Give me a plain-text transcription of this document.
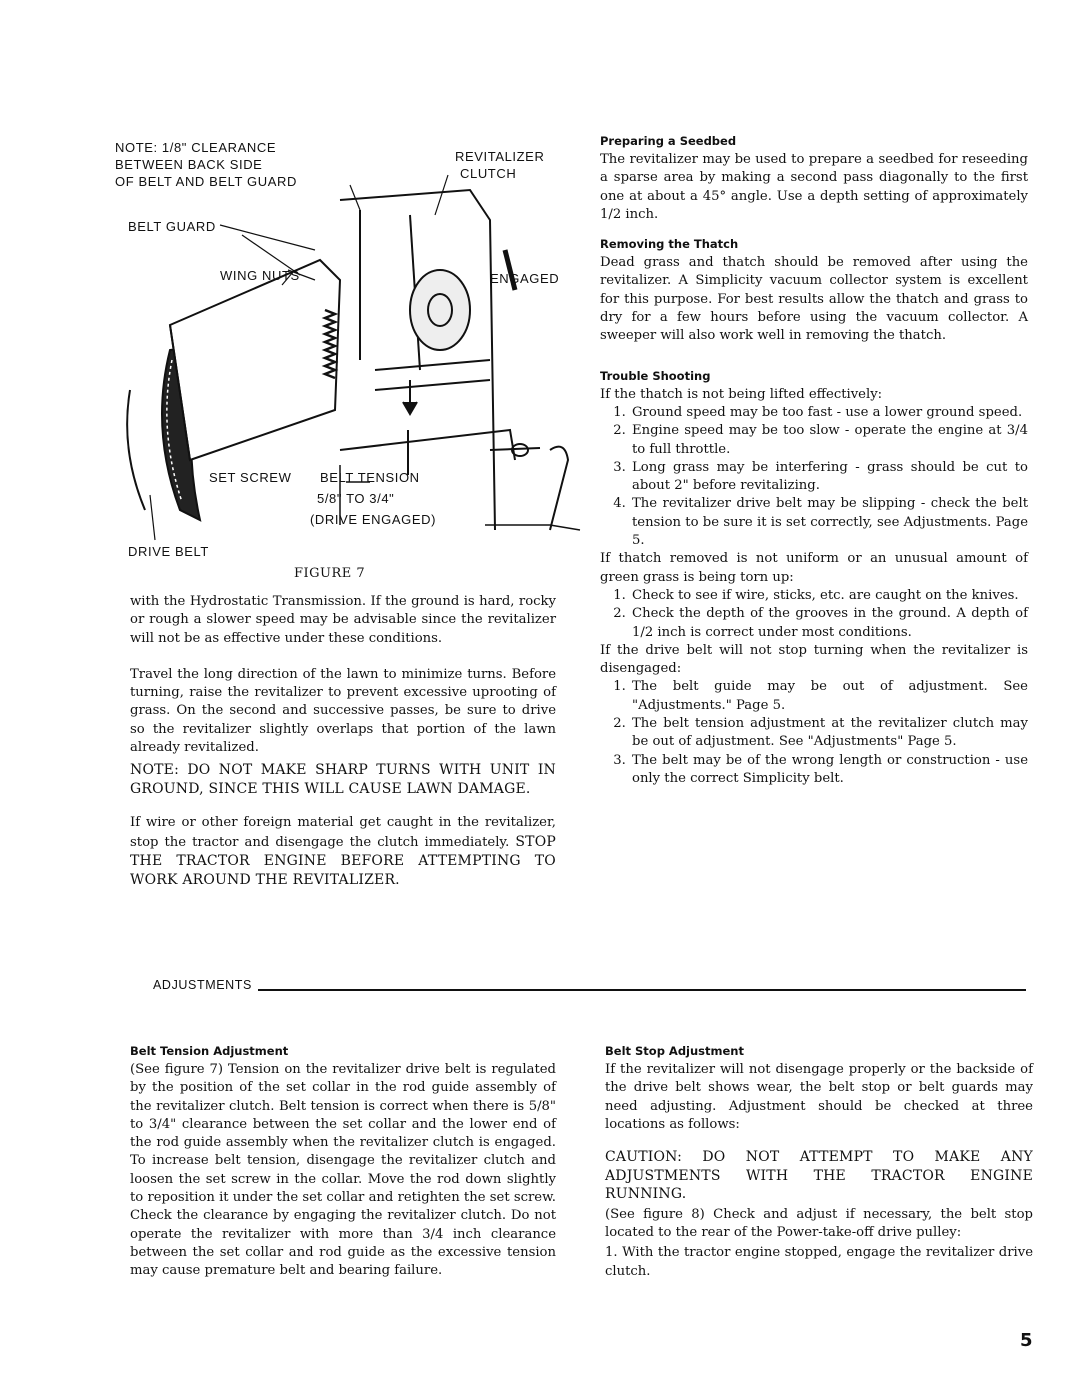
NOTE: 1/8" CLEARANCE
BETWEEN BACK SIDE
OF BELT AND BELT GUARD
REVITALIZER
CLUTCH
BELT GUARD
WING NUTS	ENGAGED
SET SCREW BELT TENSION
5/8" TO 3/4"
(DRIVE ENGAGED)
DRIVE BELT
FIGURE 7

with the Hydrostatic Transmission. If the ground is hard, rocky or rough a slower speed may be advisable since the revitalizer will not be as effective under these conditions.

Travel the long direction of the lawn to minimize turns. Before turning, raise the revitalizer to prevent excessive uprooting of grass. On the second and successive passes, be sure to drive so the revitalizer slightly overlaps that portion of the lawn already revitalized.

NOTE: DO NOT MAKE SHARP TURNS WITH UNIT IN GROUND, SINCE THIS WILL CAUSE LAWN DAMAGE.

If wire or other foreign material get caught in the revitalizer, stop the tractor and disengage the clutch immediately. STOP THE TRACTOR ENGINE BEFORE ATTEMPTING TO WORK AROUND THE REVITALIZER.

Preparing a Seedbed

The revitalizer may be used to prepare a seedbed for reseeding a sparse area by making a second pass diagonally to the first one at about a 45° angle. Use a depth setting of approximately 1/2 inch.

Removing the Thatch

Dead grass and thatch should be removed after using the revitalizer. A Simplicity vacuum collector system is excellent for this purpose. For best results allow the thatch and grass to dry for a few hours before using the vacuum collector. A sweeper will also work well in removing the thatch.

Trouble Shooting

If the thatch is not being lifted effectively:

1. Ground speed may be too fast - use a lower ground speed.
2. Engine speed may be too slow - operate the engine at 3/4 to full throttle.
3. Long grass may be interfering - grass should be cut to about 2" before revitalizing.
4. The revitalizer drive belt may be slipping - check the belt tension to be sure it is set correctly, see Adjustments. Page 5.

If thatch removed is not uniform or an unusual amount of green grass is being torn up:

1. Check to see if wire, sticks, etc. are caught on the knives.
2. Check the depth of the grooves in the ground. A depth of 1/2 inch is correct under most conditions.

If the drive belt will not stop turning when the revitalizer is disengaged:

1. The belt guide may be out of adjustment. See "Adjustments." Page 5.
2. The belt tension adjustment at the revitalizer clutch may be out of adjustment. See "Adjustments" Page 5.
3. The belt may be of the wrong length or construction - use only the correct Simplicity belt.
ADJUSTMENTS

Belt Tension Adjustment

(See figure 7) Tension on the revitalizer drive belt is regulated by the position of the set collar in the rod guide assembly of the revitalizer clutch. Belt tension is correct when there is 5/8" to 3/4" clearance between the set collar and the lower end of the rod guide assembly when the revitalizer clutch is engaged. To increase belt tension, disengage the revitalizer clutch and loosen the set screw in the collar. Move the rod down slightly to reposition it under the set collar and retighten the set screw. Check the clearance by engaging the revitalizer clutch. Do not operate the revitalizer with more than 3/4 inch clearance between the set collar and rod guide as the excessive tension may cause premature belt and bearing failure.

Belt Stop Adjustment

If the revitalizer will not disengage properly or the backside of the drive belt shows wear, the belt stop or belt guards may need adjusting. Adjustment should be checked at three locations as follows:

CAUTION: DO NOT ATTEMPT TO MAKE ANY ADJUSTMENTS WITH THE TRACTOR ENGINE RUNNING.

(See figure 8) Check and adjust if necessary, the belt stop located to the rear of the Power-take-off drive pulley:

1. With the tractor engine stopped, engage the revitalizer drive clutch.

5
